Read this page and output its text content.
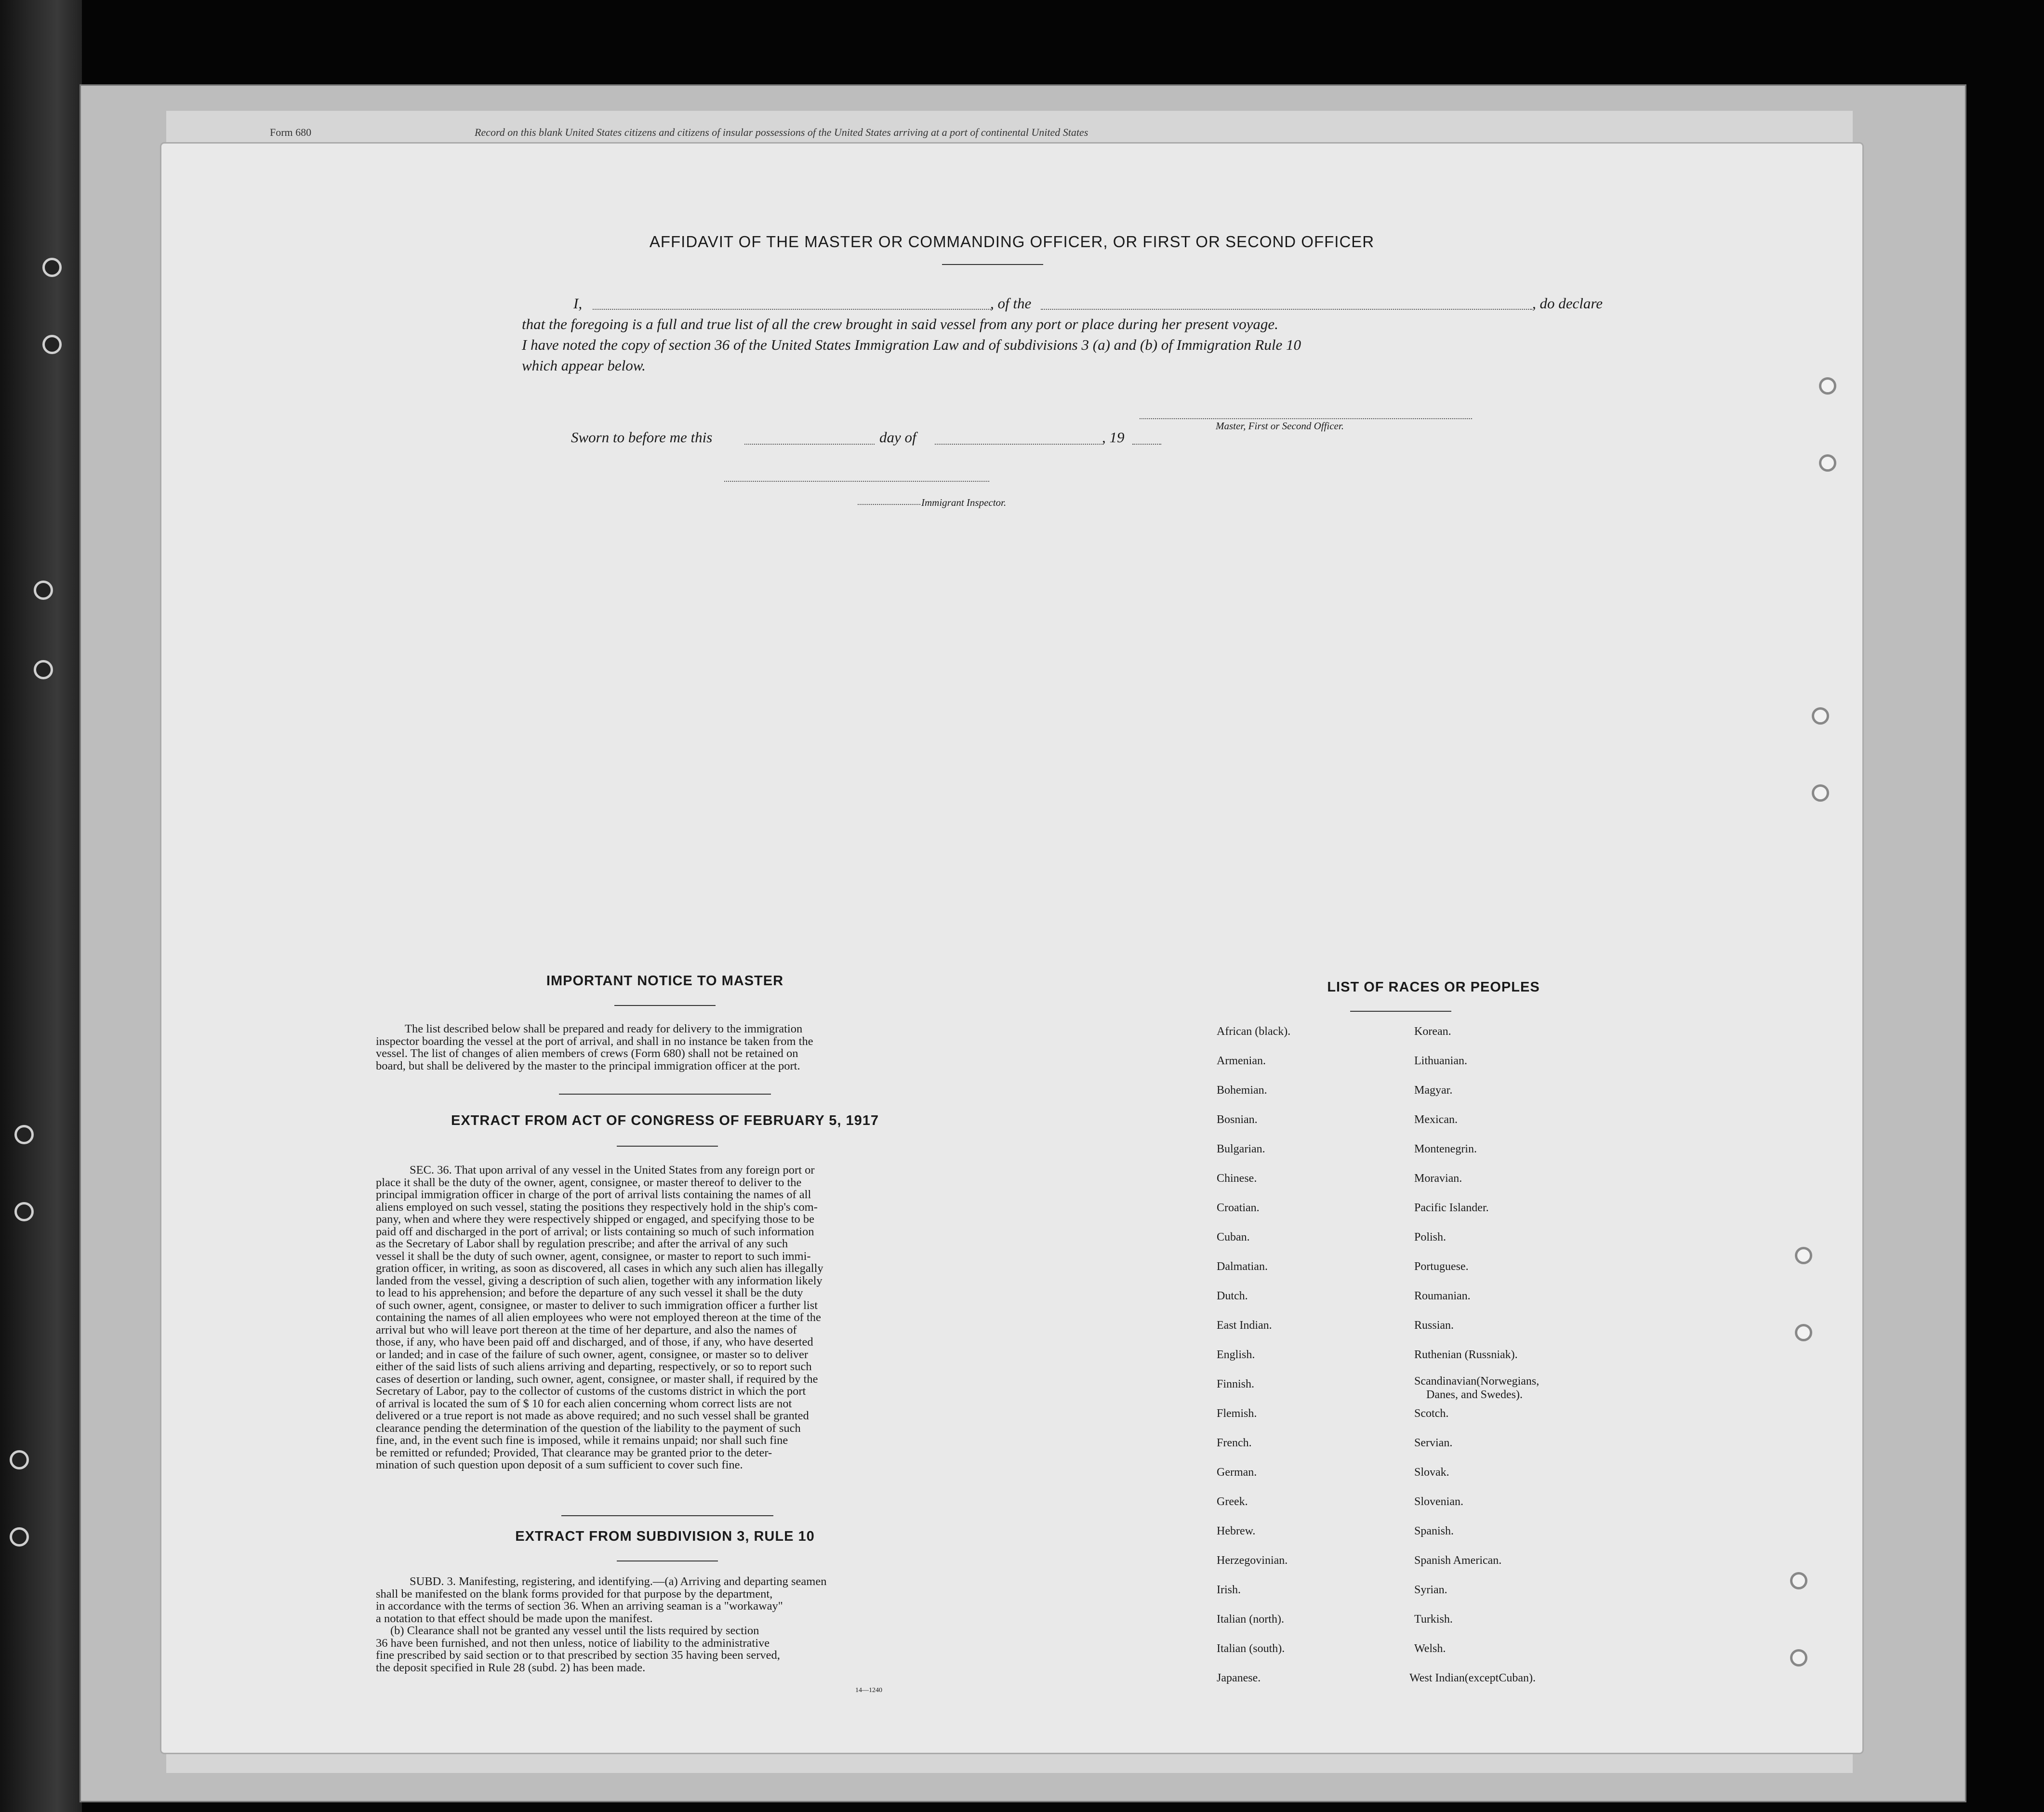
Form 680	Record on this blank United States citizens and citizens of insular possessions of the United States arriving at a port of continental United States
AFFIDAVIT OF THE MASTER OR COMMANDING OFFICER, OR FIRST OR SECOND OFFICER
I,	, of the	, do declare
that the foregoing is a full and true list of all the crew brought in said vessel from any port or place during her present voyage.
I have noted the copy of section 36 of the United States Immigration Law and of subdivisions 3 (a) and (b) of Immigration Rule 10
which appear below.
Master, First or Second Officer.
Sworn to before me this	day of	, 19
Immigrant Inspector.
IMPORTANT NOTICE TO MASTER
The list described below shall be prepared and ready for delivery to the immigration
inspector boarding the vessel at the port of arrival, and shall in no instance be taken from the
vessel. The list of changes of alien members of crews (Form 680) shall not be retained on
board, but shall be delivered by the master to the principal immigration officer at the port.
EXTRACT FROM ACT OF CONGRESS OF FEBRUARY 5, 1917
SEC. 36. That upon arrival of any vessel in the United States from any foreign port or
place it shall be the duty of the owner, agent, consignee, or master thereof to deliver to the
principal immigration officer in charge of the port of arrival lists containing the names of all
aliens employed on such vessel, stating the positions they respectively hold in the ship's com-
pany, when and where they were respectively shipped or engaged, and specifying those to be
paid off and discharged in the port of arrival; or lists containing so much of such information
as the Secretary of Labor shall by regulation prescribe; and after the arrival of any such
vessel it shall be the duty of such owner, agent, consignee, or master to report to such immi-
gration officer, in writing, as soon as discovered, all cases in which any such alien has illegally
landed from the vessel, giving a description of such alien, together with any information likely
to lead to his apprehension; and before the departure of any such vessel it shall be the duty
of such owner, agent, consignee, or master to deliver to such immigration officer a further list
containing the names of all alien employees who were not employed thereon at the time of the
arrival but who will leave port thereon at the time of her departure, and also the names of
those, if any, who have been paid off and discharged, and of those, if any, who have deserted
or landed; and in case of the failure of such owner, agent, consignee, or master so to deliver
either of the said lists of such aliens arriving and departing, respectively, or so to report such
cases of desertion or landing, such owner, agent, consignee, or master shall, if required by the
Secretary of Labor, pay to the collector of customs of the customs district in which the port
of arrival is located the sum of $ 10 for each alien concerning whom correct lists are not
delivered or a true report is not made as above required; and no such vessel shall be granted
clearance pending the determination of the question of the liability to the payment of such
fine, and, in the event such fine is imposed, while it remains unpaid; nor shall such fine
be remitted or refunded; Provided, That clearance may be granted prior to the deter-
mination of such question upon deposit of a sum sufficient to cover such fine.
EXTRACT FROM SUBDIVISION 3, RULE 10
SUBD. 3. Manifesting, registering, and identifying.—(a) Arriving and departing seamen
shall be manifested on the blank forms provided for that purpose by the department,
in accordance with the terms of section 36. When an arriving seaman is a "workaway"
a notation to that effect should be made upon the manifest.
(b) Clearance shall not be granted any vessel until the lists required by section
36 have been furnished, and not then unless, notice of liability to the administrative
fine prescribed by said section or to that prescribed by section 35 having been served,
the deposit specified in Rule 28 (subd. 2) has been made.
14—1240
LIST OF RACES OR PEOPLES
African (black).
Armenian.
Bohemian.
Bosnian.
Bulgarian.
Chinese.
Croatian.
Cuban.
Dalmatian.
Dutch.
East Indian.
English.
Finnish.
Flemish.
French.
German.
Greek.
Hebrew.
Herzegovinian.
Irish.
Italian (north).
Italian (south).
Japanese.
Korean.
Lithuanian.
Magyar.
Mexican.
Montenegrin.
Moravian.
Pacific Islander.
Polish.
Portuguese.
Roumanian.
Russian.
Ruthenian (Russniak).
Scandinavian(Norwegians,
Danes, and Swedes).
Scotch.
Servian.
Slovak.
Slovenian.
Spanish.
Spanish American.
Syrian.
Turkish.
Welsh.
West Indian(exceptCuban).
